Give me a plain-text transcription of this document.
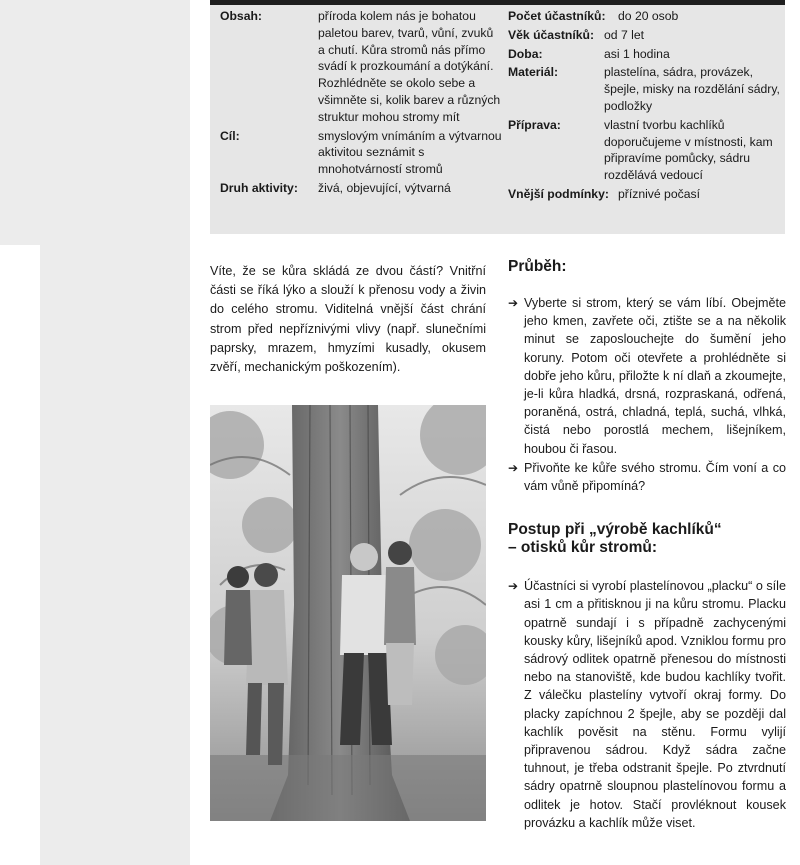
Obsah:	příroda kolem nás je bohatou paletou barev, tvarů, vůní, zvuků a chutí. Kůra stromů nás přímo svádí k prozkoumání a dotýkání. Rozhlédněte se okolo sebe a všimněte si, kolik barev a různých struktur mohou stromy mít
Cíl:	smyslovým vnímáním a výtvarnou aktivitou seznámit s mnohotvárností stromů
Druh aktivity:	živá, objevující, výtvarná
Počet účastníků:	do 20 osob
Věk účastníků: od 7 let
Doba:	asi 1 hodina
Materiál:	plastelína, sádra, provázek, špejle, misky na rozdělání sádry, podložky
Příprava:	vlastní tvorbu kachlíků doporučujeme v místnosti, kam připravíme pomůcky, sádru rozdělává vedoucí
Vnější podmínky: příznivé počasí
Víte, že se kůra skládá ze dvou částí? Vnitřní části se říká lýko a slouží k přenosu vody a živin do celého stromu. Viditelná vnější část chrání strom před nepříznivými vlivy (např. slunečními paprsky, mrazem, hmyzími kusadly, okusem zvěří, mechanickým poškozením).
Průběh:
➔ Vyberte si strom, který se vám líbí. Obejměte jeho kmen, zavřete oči, ztište se a na několik minut se zaposlouchejte do šumění jeho koruny. Potom oči otevřete a prohlédněte si dobře jeho kůru, přiložte k ní dlaň a zkoumejte, je-li kůra hladká, drsná, rozpraskaná, odřená, poraněná, ostrá, chladná, teplá, suchá, vlhká, čistá nebo porostlá mechem, lišejníkem, houbou či řasou.
➔ Přivoňte ke kůře svého stromu. Čím voní a co vám vůně připomíná?
Postup při „výrobě kachlíků“
– otisků kůr stromů:
➔ Účastníci si vyrobí plastelínovou „placku“ o síle asi 1 cm a přitisknou ji na kůru stromu. Placku opatrně sundají i s případně zachycenými kousky kůry, lišejníků apod. Vzniklou formu pro sádrový odlitek opatrně přenesou do místnosti nebo na stanoviště, kde budou kachlíky tvořit. Z válečku plastelíny vytvoří okraj formy. Do placky zapíchnou 2 špejle, aby se později dal kachlík pověsit na stěnu. Formu vylijí připravenou sádrou. Když sádra začne tuhnout, je třeba odstranit špejle. Po ztvrdnutí sádry opatrně sloupnou plastelínovou formu a odlitek je hotov. Stačí provléknout kousek provázku a kachlík může viset.
